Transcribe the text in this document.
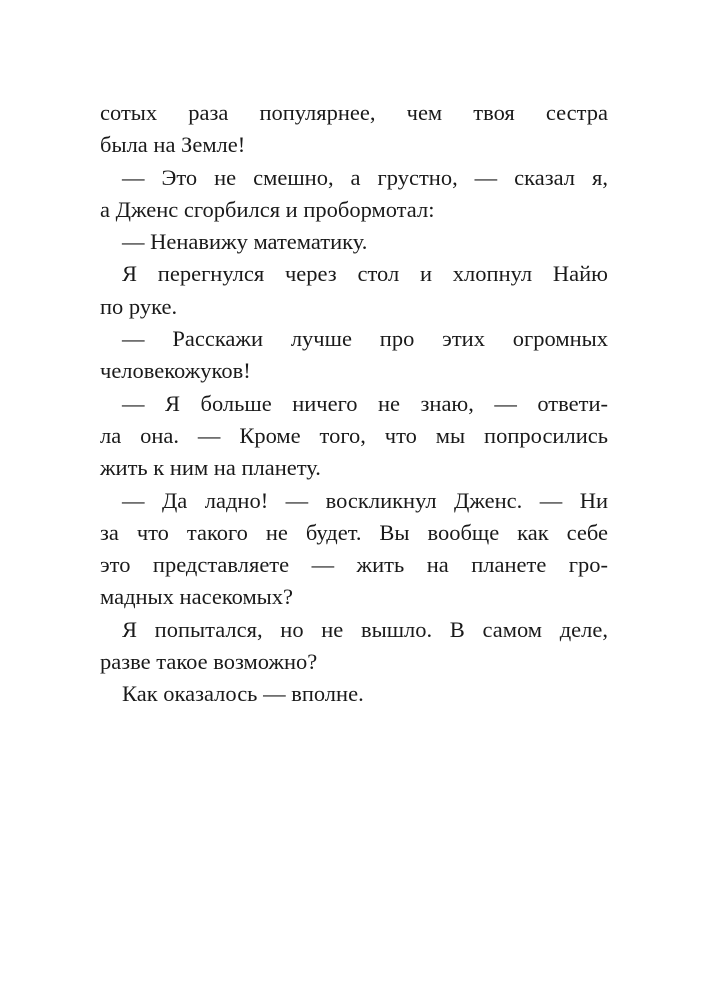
сотых раза популярнее, чем твоя сестра
была на Земле!
— Это не смешно, а грустно, — сказал я,
а Дженс сгорбился и пробормотал:
— Ненавижу математику.
Я перегнулся через стол и хлопнул Найю
по руке.
— Расскажи лучше про этих огромных
человекожуков!
— Я больше ничего не знаю, — ответи-
ла она. — Кроме того, что мы попросились
жить к ним на планету.
— Да ладно! — воскликнул Дженс. — Ни
за что такого не будет. Вы вообще как себе
это представляете — жить на планете гро-
мадных насекомых?
Я попытался, но не вышло. В самом деле,
разве такое возможно?
Как оказалось — вполне.
